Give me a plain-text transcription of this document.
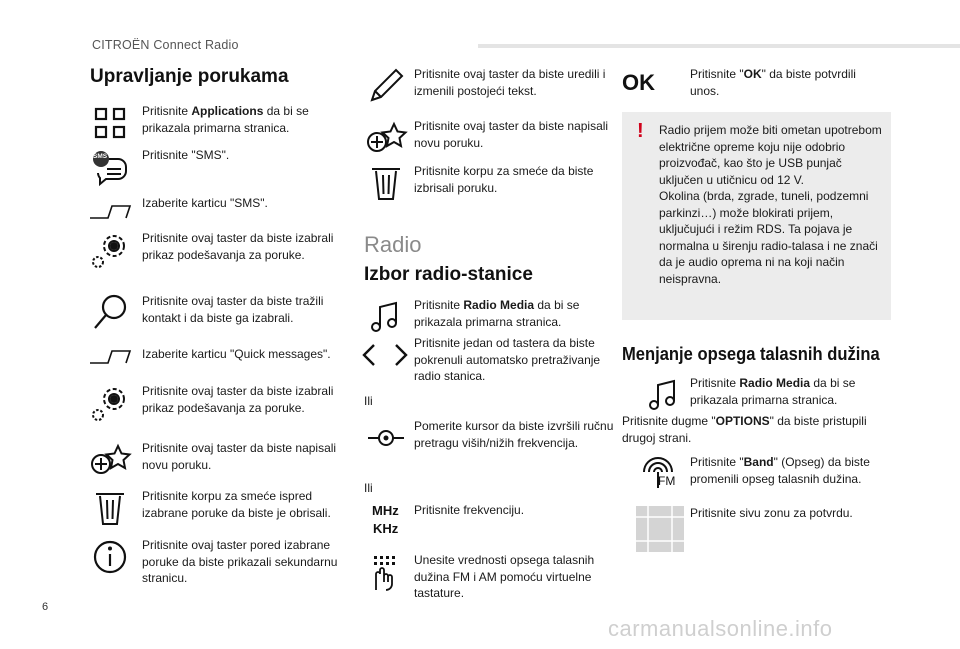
CITROËN Connect Radio
Upravljanje porukama
Pritisnite Applications da bi se prikazala primarna stranica.
SMS	Pritisnite "SMS".
Izaberite karticu "SMS".
Pritisnite ovaj taster da biste izabrali prikaz podešavanja za poruke.
Pritisnite ovaj taster da biste tražili kontakt i da biste ga izabrali.
Izaberite karticu "Quick messages".
Pritisnite ovaj taster da biste izabrali prikaz podešavanja za poruke.
Pritisnite ovaj taster da biste napisali novu poruku.
Pritisnite korpu za smeće ispred izabrane poruke da biste je obrisali.
Pritisnite ovaj taster pored izabrane poruke da biste prikazali sekundarnu stranicu.
Pritisnite ovaj taster da biste uredili i izmenili postojeći tekst.
Pritisnite ovaj taster da biste napisali novu poruku.
Pritisnite korpu za smeće da biste izbrisali poruku.
Radio
Izbor radio-stanice
Pritisnite Radio Media da bi se prikazala primarna stranica.
Pritisnite jedan od tastera da biste pokrenuli automatsko pretraživanje radio stanica.
Ili
Pomerite kursor da biste izvršili ručnu pretragu viših/nižih frekvencija.
Ili
MHz
KHz
Pritisnite frekvenciju.
Unesite vrednosti opsega talasnih dužina FM i AM pomoću virtuelne tastature.
OK	Pritisnite "OK" da biste potvrdili unos.
! Radio prijem može biti ometan upotrebom električne opreme koju nije odobrio proizvođač, kao što je USB punjač uključen u utičnicu od 12 V.
Okolina (brda, zgrade, tuneli, podzemni parkinzi…) može blokirati prijem, uključujući i režim RDS. Ta pojava je normalna u širenju radio-talasa i ne znači da je audio oprema ni na koji način neispravna.
Menjanje opsega talasnih dužina
Pritisnite Radio Media da bi se prikazala primarna stranica.
Pritisnite dugme "OPTIONS" da biste pristupili drugoj strani.
FM
Pritisnite "Band" (Opseg) da biste promenili opseg talasnih dužina.
Pritisnite sivu zonu za potvrdu.
6
carmanualsonline.info
